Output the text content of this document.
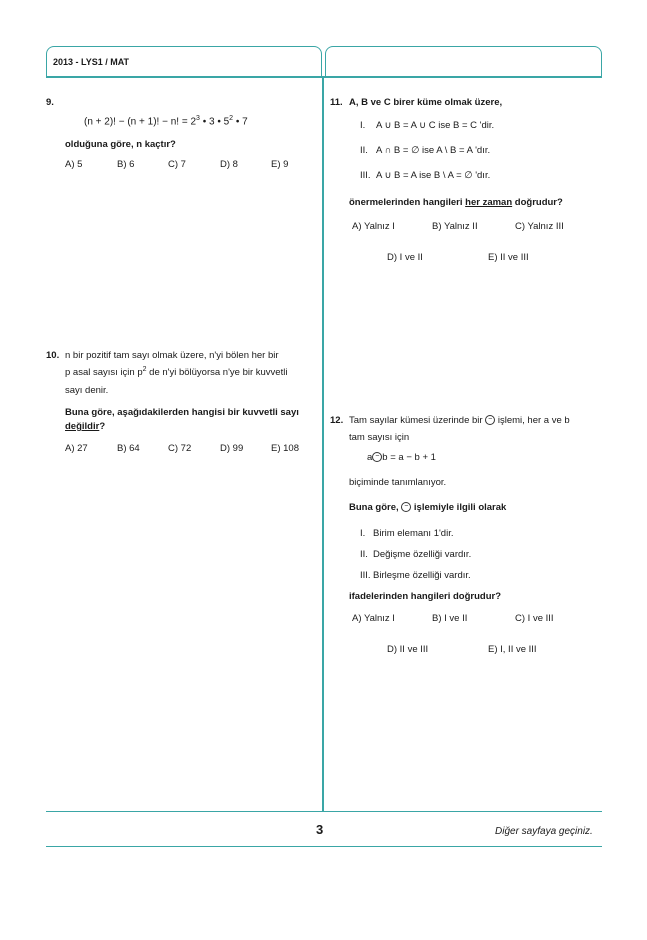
2013 - LYS1 / MAT
9.
(n + 2)! − (n + 1)! − n! = $2^3$ • 3 • $5^2$ • 7
olduğuna göre, n kaçtır?
A) 5	B) 6	C) 7	D) 8	E) 9
10. n bir pozitif tam sayı olmak üzere, n'yi bölen her bir
p asal sayısı için $p^2$ de n'yi bölüyorsa n'ye bir kuvvetli
sayı denir.
Buna göre, aşağıdakilerden hangisi bir kuvvetli sayı
değildir?
A) 27	B) 64	C) 72	D) 99	E) 108
11. A, B ve C birer küme olmak üzere,
I. A ∪ B = A ∪ C ise B = C 'dir.
II. A ∩ B = ∅ ise A \ B = A 'dır.
III. A ∪ B = A ise B \ A = ∅ 'dır.
önermelerinden hangileri her zaman doğrudur?
A) Yalnız I	B) Yalnız II	C) Yalnız III
D) I ve II	E) II ve III
12. Tam sayılar kümesi üzerinde bir − işlemi, her a ve b
tam sayısı için
a − b = a − b + 1
biçiminde tanımlanıyor.
Buna göre, − işlemiyle ilgili olarak
I. Birim elemanı 1'dir.
II. Değişme özelliği vardır.
III. Birleşme özelliği vardır.
ifadelerinden hangileri doğrudur?
A) Yalnız I	B) I ve II	C) I ve III
D) II ve III	E) I, II ve III
3	Diğer sayfaya geçiniz.
